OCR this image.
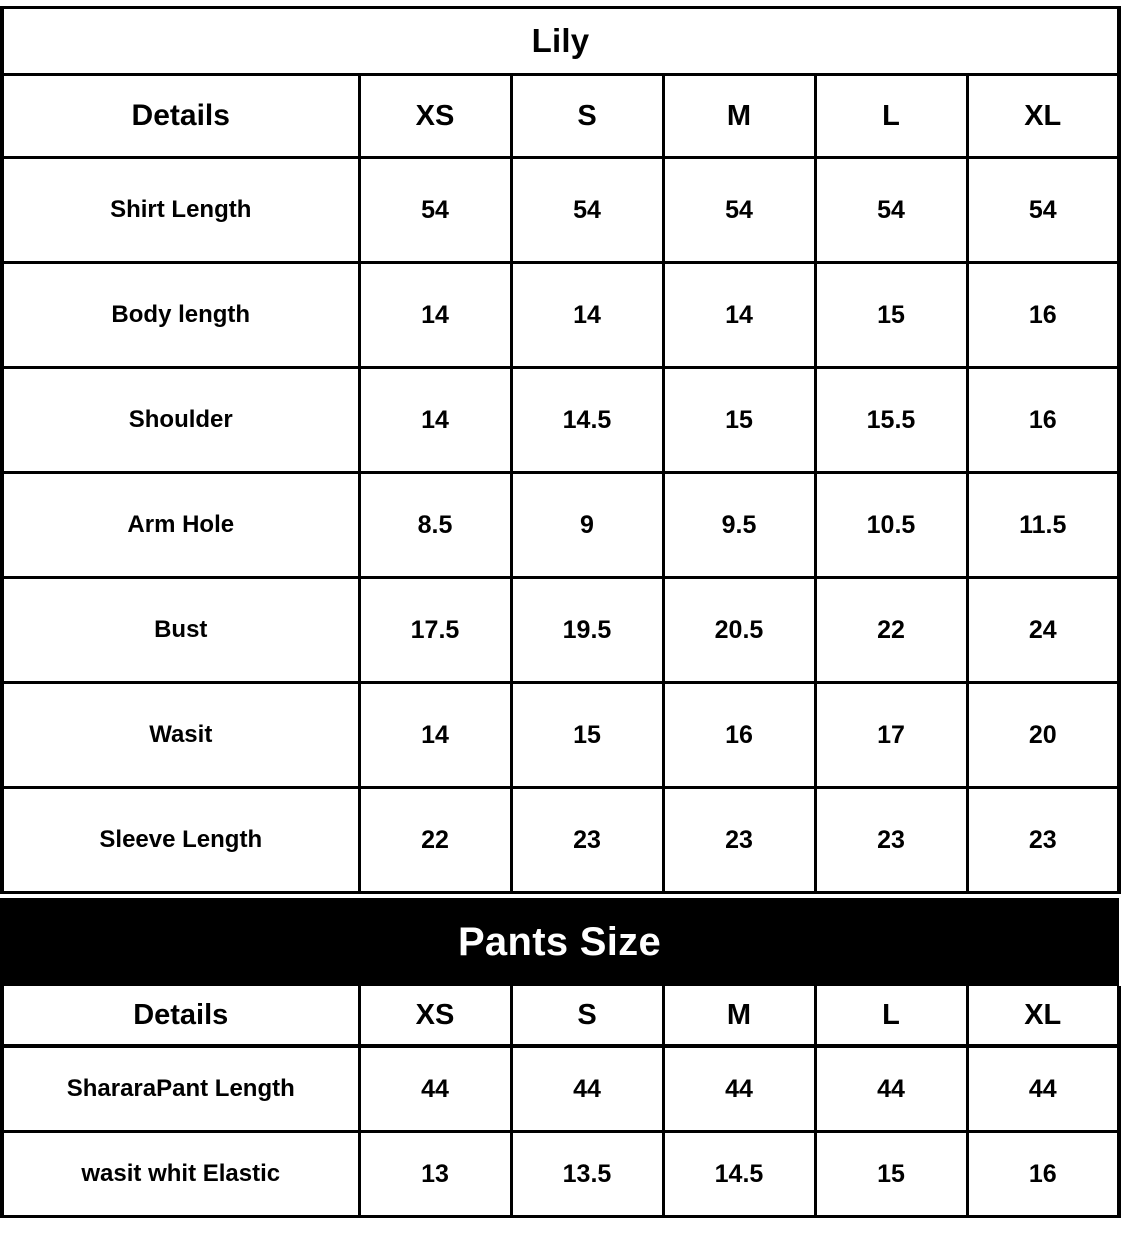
Lily					
Details	XS	S	M	L	XL
Shirt Length	54	54	54	54	54
Body length	14	14	14	15	16
Shoulder	14	14.5	15	15.5	16
Arm Hole	8.5	9	9.5	10.5	11.5
Bust	17.5	19.5	20.5	22	24
Wasit	14	15	16	17	20
Sleeve Length	22	23	23	23	23
Pants Size
Details	XS	S	M	L	XL
ShararaPant Length	44	44	44	44	44
wasit whit Elastic	13	13.5	14.5	15	16
